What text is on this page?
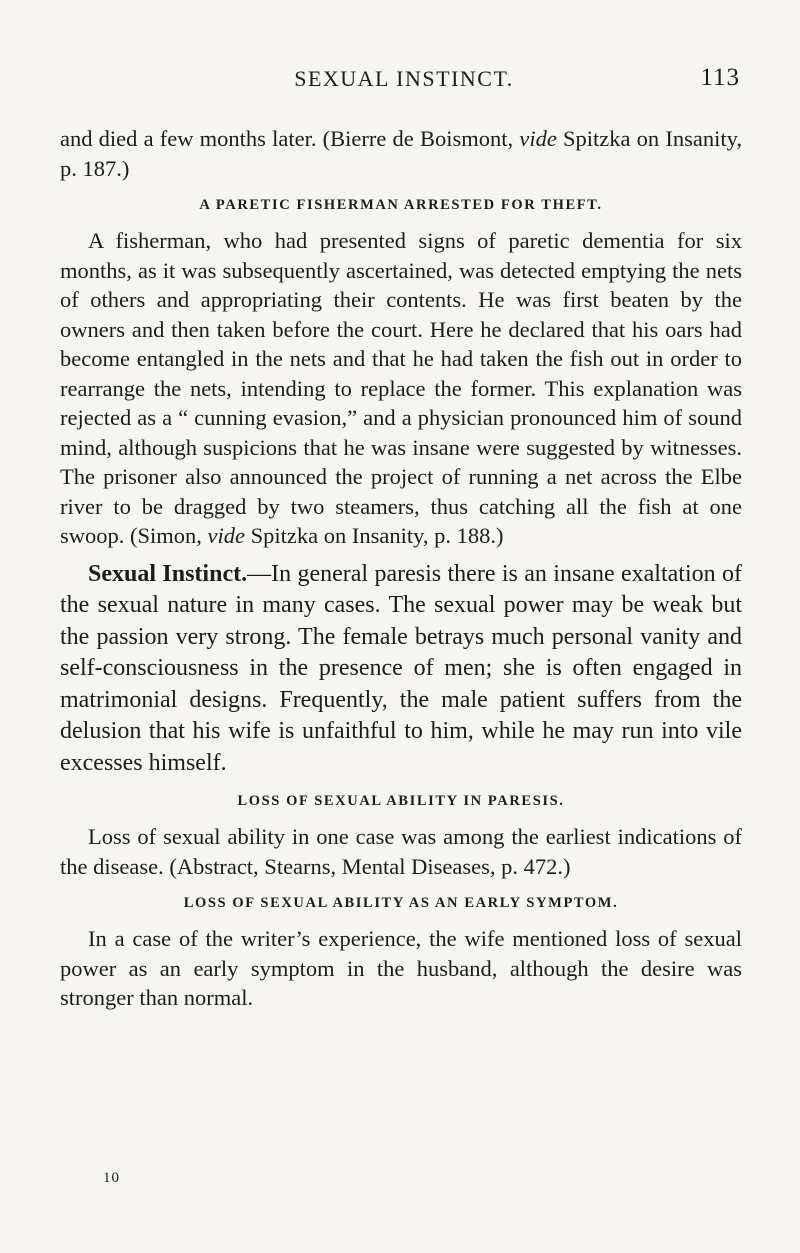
SEXUAL INSTINCT.	113

and died a few months later. (Bierre de Boismont, vide Spitzka on Insanity, p. 187.)

A PARETIC FISHERMAN ARRESTED FOR THEFT.

A fisherman, who had presented signs of paretic dementia for six months, as it was subsequently ascertained, was detected emptying the nets of others and appropriating their contents. He was first beaten by the owners and then taken before the court. Here he declared that his oars had become entangled in the nets and that he had taken the fish out in order to rearrange the nets, intending to replace the former. This explanation was rejected as a “ cunning evasion,” and a physician pronounced him of sound mind, although suspicions that he was insane were suggested by witnesses. The prisoner also announced the project of running a net across the Elbe river to be dragged by two steamers, thus catching all the fish at one swoop. (Simon, vide Spitzka on Insanity, p. 188.)

Sexual Instinct.—In general paresis there is an insane exaltation of the sexual nature in many cases. The sexual power may be weak but the passion very strong. The female betrays much personal vanity and self-consciousness in the presence of men; she is often engaged in matrimonial designs. Frequently, the male patient suffers from the delusion that his wife is unfaithful to him, while he may run into vile excesses himself.

LOSS OF SEXUAL ABILITY IN PARESIS.

Loss of sexual ability in one case was among the earliest indications of the disease. (Abstract, Stearns, Mental Diseases, p. 472.)

LOSS OF SEXUAL ABILITY AS AN EARLY SYMPTOM.

In a case of the writer’s experience, the wife mentioned loss of sexual power as an early symptom in the husband, although the desire was stronger than normal.

10
